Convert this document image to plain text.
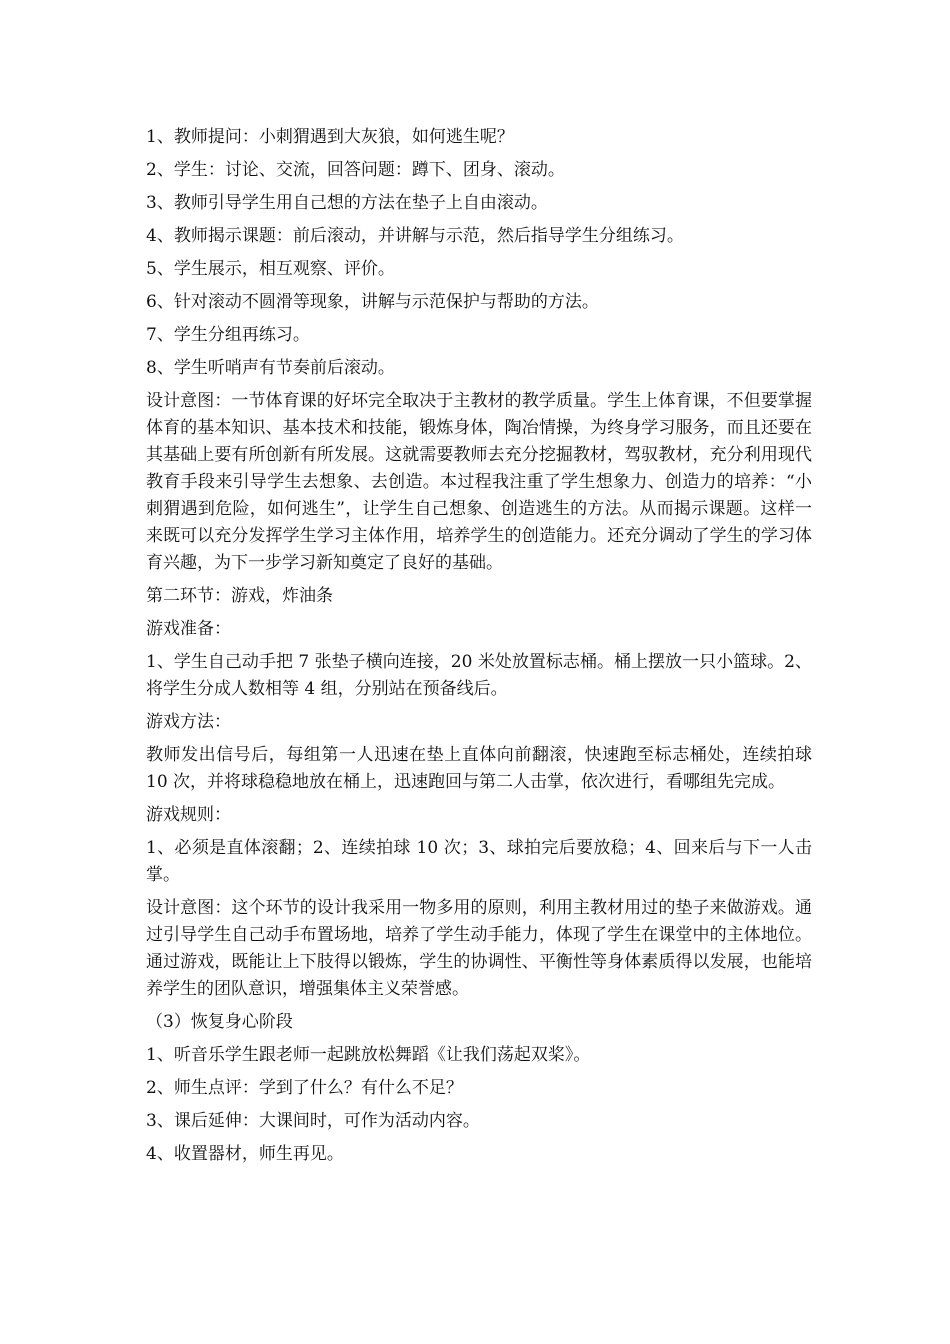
1、教师提问：小刺猬遇到大灰狼，如何逃生呢？

2、学生：讨论、交流，回答问题：蹲下、团身、滚动。

3、教师引导学生用自己想的方法在垫子上自由滚动。

4、教师揭示课题：前后滚动，并讲解与示范，然后指导学生分组练习。

5、学生展示，相互观察、评价。

6、针对滚动不圆滑等现象，讲解与示范保护与帮助的方法。

7、学生分组再练习。

8、学生听哨声有节奏前后滚动。

设计意图：一节体育课的好坏完全取决于主教材的教学质量。学生上体育课，不但要掌握体育的基本知识、基本技术和技能，锻炼身体，陶冶情操，为终身学习服务，而且还要在其基础上要有所创新有所发展。这就需要教师去充分挖掘教材，驾驭教材，充分利用现代教育手段来引导学生去想象、去创造。本过程我注重了学生想象力、创造力的培养：“小刺猬遇到危险，如何逃生”，让学生自己想象、创造逃生的方法。从而揭示课题。这样一来既可以充分发挥学生学习主体作用，培养学生的创造能力。还充分调动了学生的学习体育兴趣，为下一步学习新知奠定了良好的基础。

第二环节：游戏，炸油条

游戏准备：

1、学生自己动手把 7 张垫子横向连接，20 米处放置标志桶。桶上摆放一只小篮球。2、将学生分成人数相等 4 组，分别站在预备线后。

游戏方法：

教师发出信号后，每组第一人迅速在垫上直体向前翻滚，快速跑至标志桶处，连续拍球 10 次，并将球稳稳地放在桶上，迅速跑回与第二人击掌，依次进行，看哪组先完成。

游戏规则：

1、必须是直体滚翻；2、连续拍球 10 次；3、球拍完后要放稳；4、回来后与下一人击掌。

设计意图：这个环节的设计我采用一物多用的原则，利用主教材用过的垫子来做游戏。通过引导学生自己动手布置场地，培养了学生动手能力，体现了学生在课堂中的主体地位。通过游戏，既能让上下肢得以锻炼，学生的协调性、平衡性等身体素质得以发展，也能培养学生的团队意识，增强集体主义荣誉感。

（3）恢复身心阶段

1、听音乐学生跟老师一起跳放松舞蹈《让我们荡起双桨》。

2、师生点评：学到了什么？有什么不足？

3、课后延伸：大课间时，可作为活动内容。

4、收置器材，师生再见。
